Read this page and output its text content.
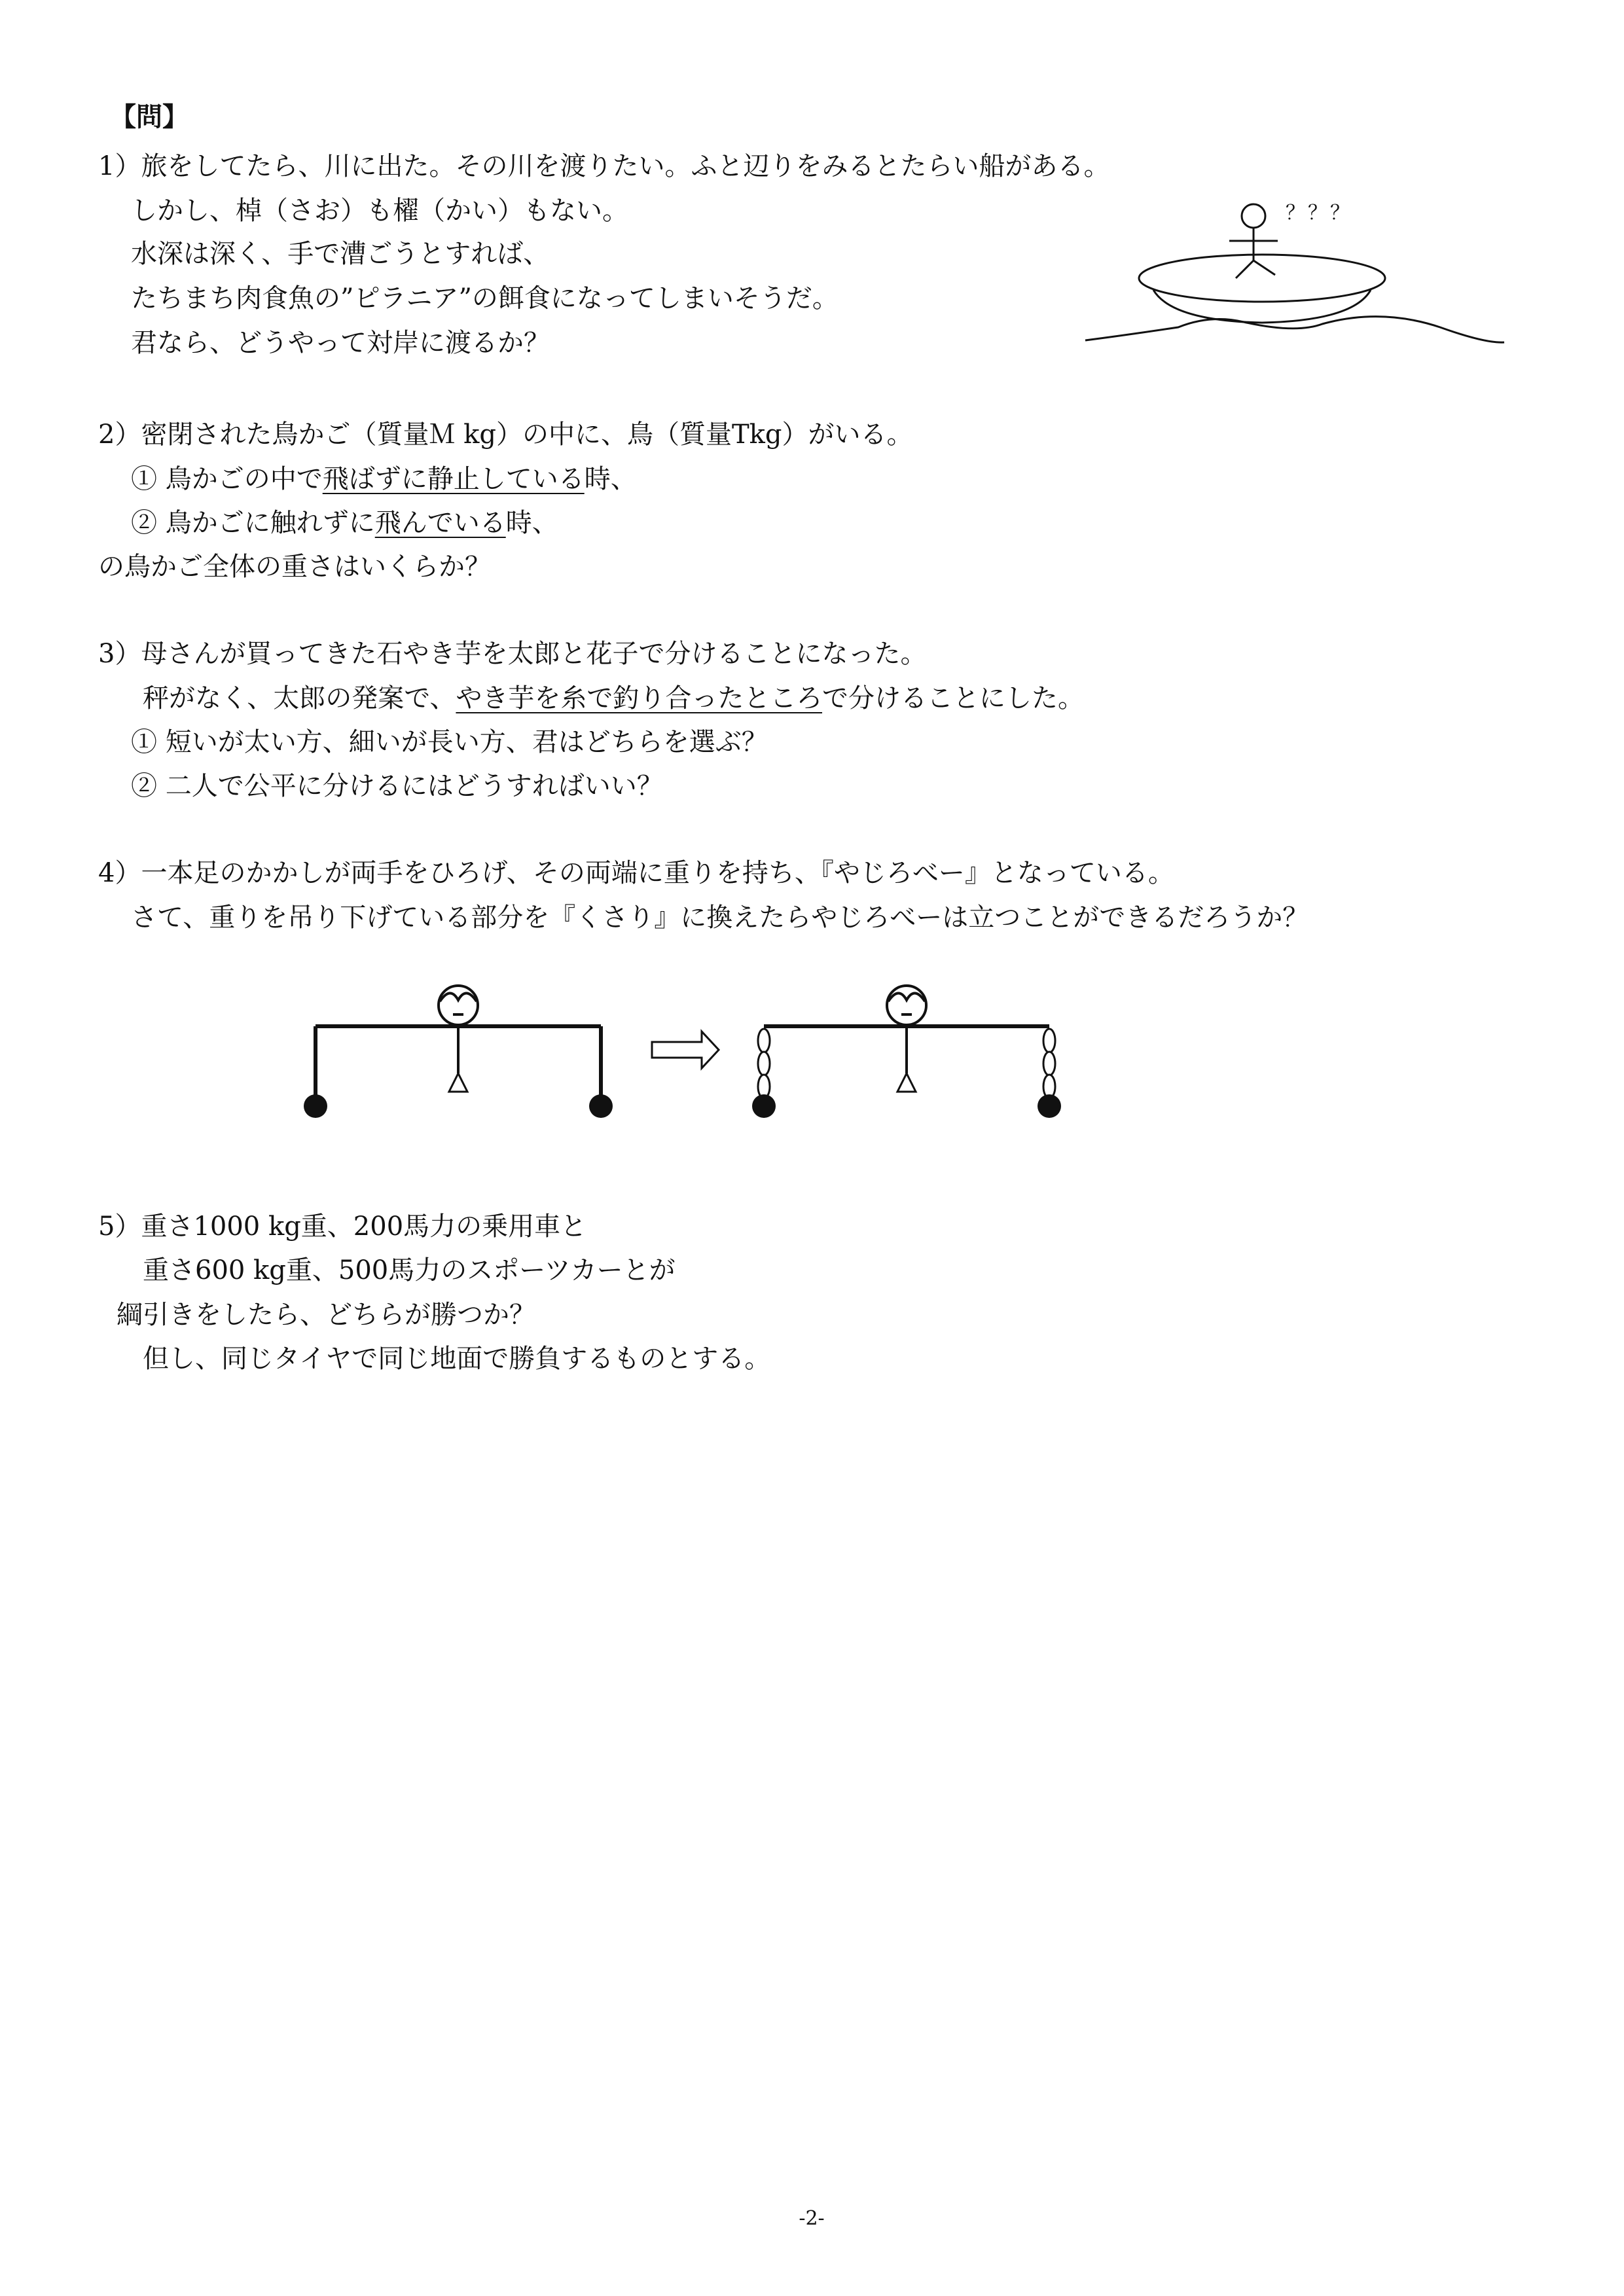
【問】
1）旅をしてたら、川に出た。その川を渡りたい。ふと辺りをみるとたらい船がある。
しかし、棹（さお）も櫂（かい）もない。
水深は深く、手で漕ごうとすれば、
たちまち肉食魚の”ピラニア”の餌食になってしまいそうだ。
君なら、どうやって対岸に渡るか？
？？？
2）密閉された鳥かご（質量Ｍ kg）の中に、鳥（質量Tkg）がいる。
① 鳥かごの中で飛ばずに静止している時、
② 鳥かごに触れずに飛んでいる時、
の鳥かご全体の重さはいくらか？
3）母さんが買ってきた石やき芋を太郎と花子で分けることになった。
秤がなく、太郎の発案で、やき芋を糸で釣り合ったところで分けることにした。
① 短いが太い方、細いが長い方、君はどちらを選ぶ？
② 二人で公平に分けるにはどうすればいい？
4）一本足のかかしが両手をひろげ、その両端に重りを持ち、『やじろべー』となっている。
さて、重りを吊り下げている部分を『くさり』に換えたらやじろべーは立つことができるだろうか？
5）重さ1000 kg重、200馬力の乗用車と
重さ600 kg重、500馬力のスポーツカーとが
綱引きをしたら、どちらが勝つか？
但し、同じタイヤで同じ地面で勝負するものとする。
-2-
